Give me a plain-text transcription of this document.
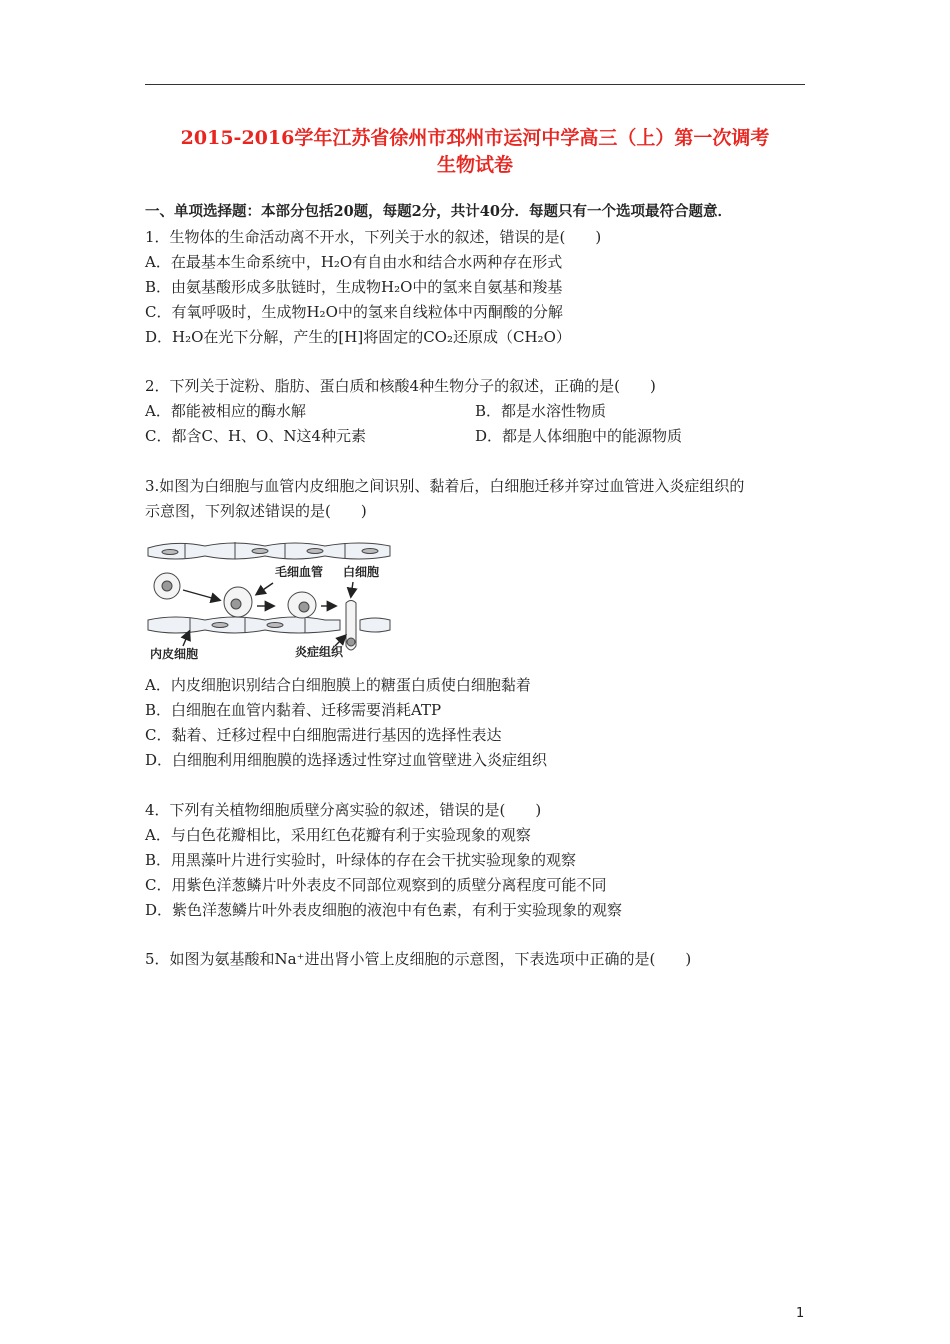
2015-2016学年江苏省徐州市邳州市运河中学高三（上）第一次调考
生物试卷

一、单项选择题：本部分包括20题，每题2分，共计40分．每题只有一个选项最符合题意．

1．生物体的生命活动离不开水，下列关于水的叙述，错误的是(　　)

A．在最基本生命系统中，H₂O有自由水和结合水两种存在形式

B．由氨基酸形成多肽链时，生成物H₂O中的氢来自氨基和羧基

C．有氧呼吸时，生成物H₂O中的氢来自线粒体中丙酮酸的分解

D．H₂O在光下分解，产生的[H]将固定的CO₂还原成（CH₂O）

2．下列关于淀粉、脂肪、蛋白质和核酸4种生物分子的叙述，正确的是(　　)

A．都能被相应的酶水解	B．都是水溶性物质

C．都含C、H、O、N这4种元素	D．都是人体细胞中的能源物质

3.如图为白细胞与血管内皮细胞之间识别、黏着后，白细胞迁移并穿过血管进入炎症组织的

示意图，下列叙述错误的是(　　)

毛细血管 白细胞
内皮细胞	炎症组织

A．内皮细胞识别结合白细胞膜上的糖蛋白质使白细胞黏着

B．白细胞在血管内黏着、迁移需要消耗ATP

C．黏着、迁移过程中白细胞需进行基因的选择性表达

D．白细胞利用细胞膜的选择透过性穿过血管壁进入炎症组织

4．下列有关植物细胞质壁分离实验的叙述，错误的是(　　)

A．与白色花瓣相比，采用红色花瓣有利于实验现象的观察

B．用黑藻叶片进行实验时，叶绿体的存在会干扰实验现象的观察

C．用紫色洋葱鳞片叶外表皮不同部位观察到的质壁分离程度可能不同

D．紫色洋葱鳞片叶外表皮细胞的液泡中有色素，有利于实验现象的观察

5．如图为氨基酸和Na⁺进出肾小管上皮细胞的示意图，下表选项中正确的是(　　)

1
